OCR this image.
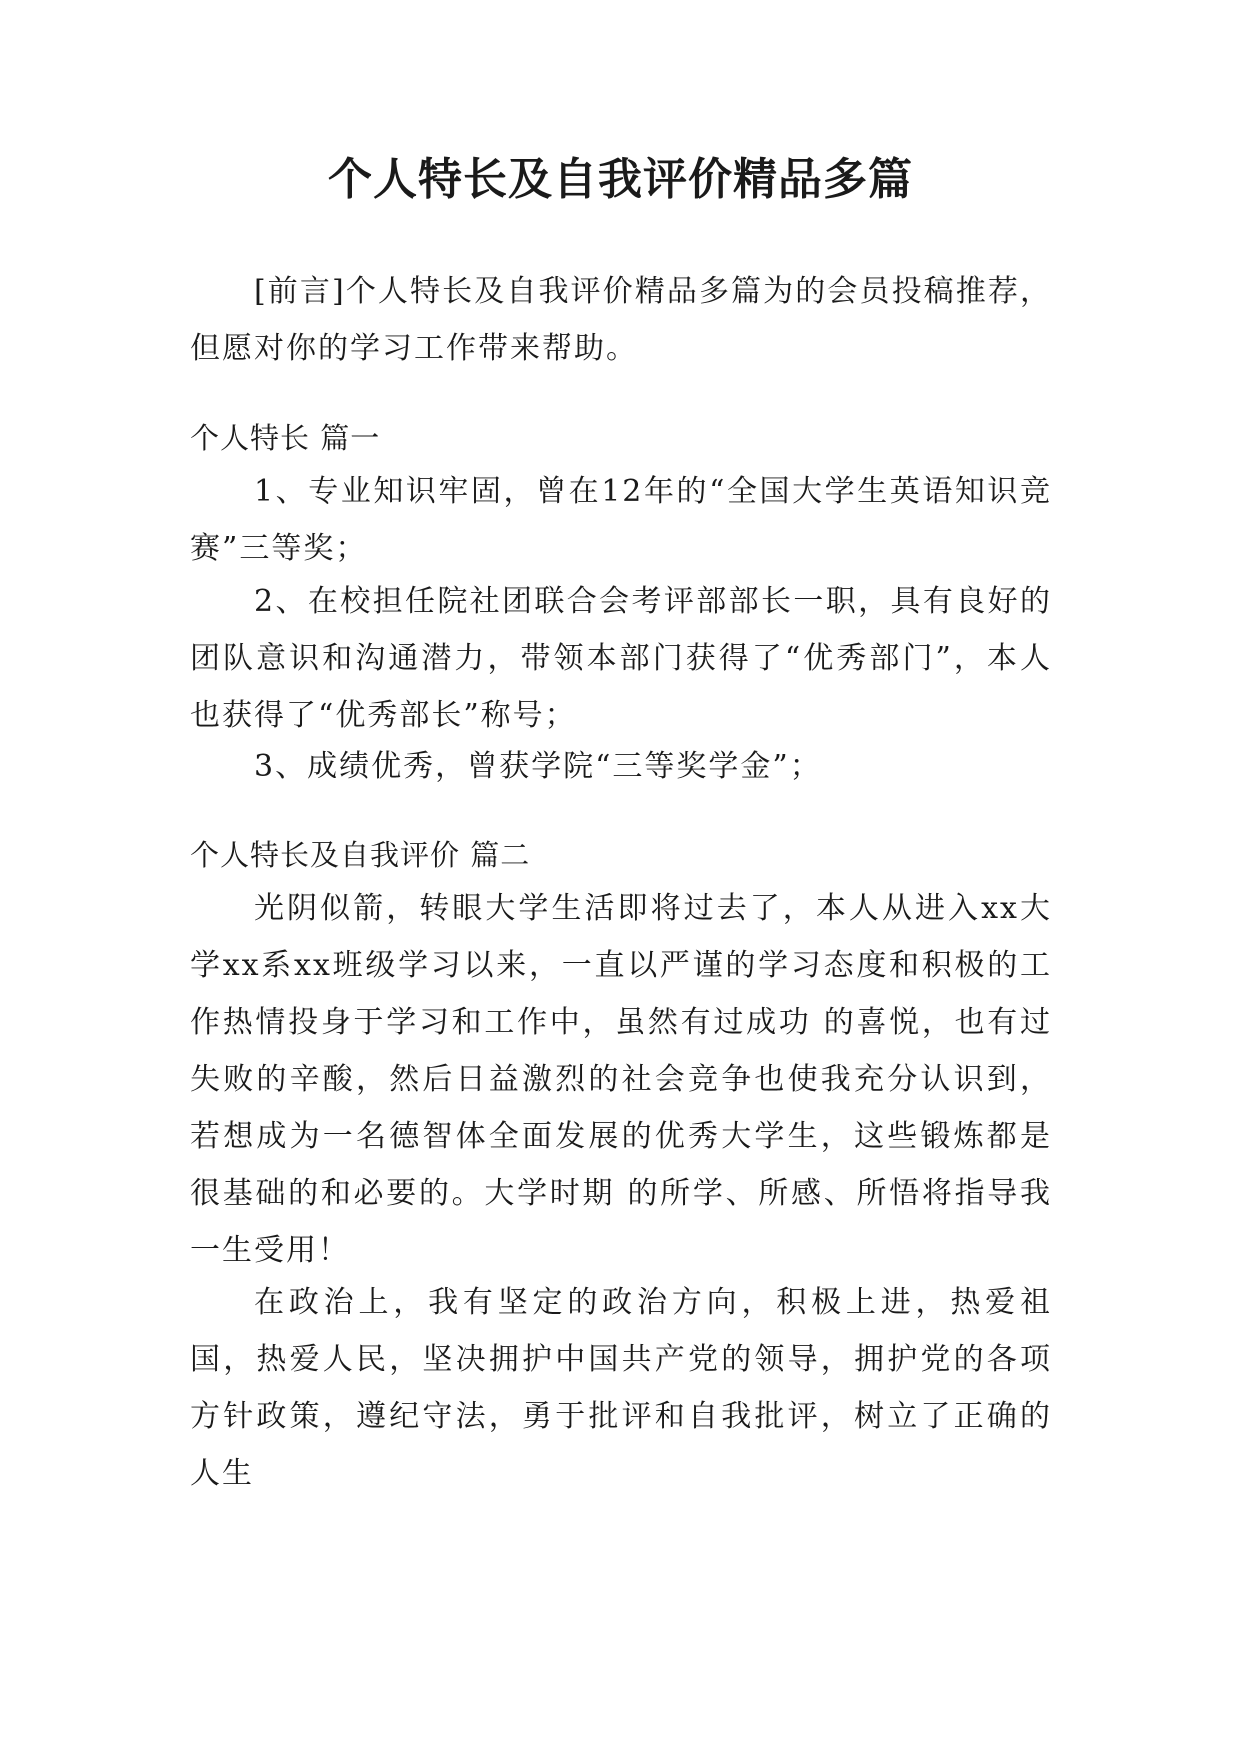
个人特长及自我评价精品多篇

[前言]个人特长及自我评价精品多篇为的会员投稿推荐，但愿对你的学习工作带来帮助。

个人特长 篇一

1、专业知识牢固，曾在12年的“全国大学生英语知识竞赛”三等奖；

2、在校担任院社团联合会考评部部长一职，具有良好的团队意识和沟通潜力，带领本部门获得了“优秀部门”，本人也获得了“优秀部长”称号；

3、成绩优秀，曾获学院“三等奖学金”；

个人特长及自我评价 篇二

光阴似箭，转眼大学生活即将过去了，本人从进入xx大学xx系xx班级学习以来，一直以严谨的学习态度和积极的工作热情投身于学习和工作中，虽然有过成功 的喜悦，也有过失败的辛酸，然后日益激烈的社会竞争也使我充分认识到，若想成为一名德智体全面发展的优秀大学生，这些锻炼都是很基础的和必要的。大学时期 的所学、所感、所悟将指导我一生受用！

在政治上，我有坚定的政治方向，积极上进，热爱祖国，热爱人民，坚决拥护中国共产党的领导，拥护党的各项方针政策，遵纪守法，勇于批评和自我批评，树立了正确的人生
